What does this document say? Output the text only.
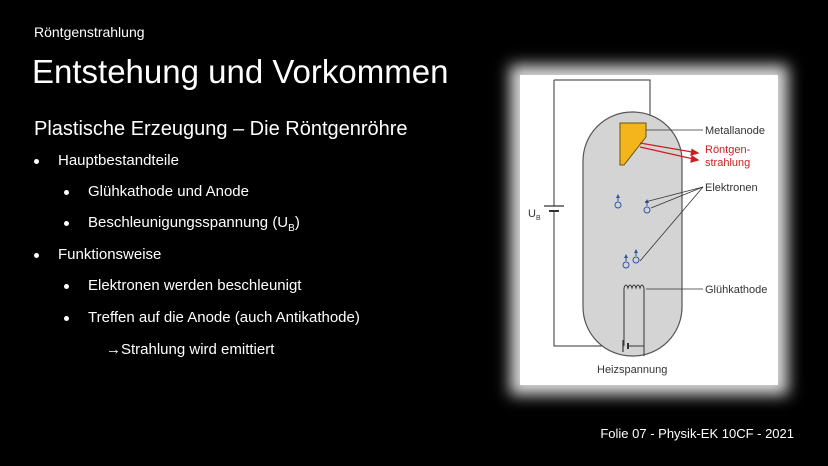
Röntgenstrahlung
Entstehung und Vorkommen
Plastische Erzeugung – Die Röntgenröhre
Hauptbestandteile
Glühkathode und Anode
Beschleunigungsspannung $(U_B)$
Funktionsweise
Elektronen werden beschleunigt
Treffen auf die Anode (auch Antikathode)
→Strahlung wird emittiert
$U_B$
Metallanode
Röntgen-
strahlung
Elektronen
Glühkathode
Heizspannung
Folie 07 - Physik-EK 10CF - 2021
